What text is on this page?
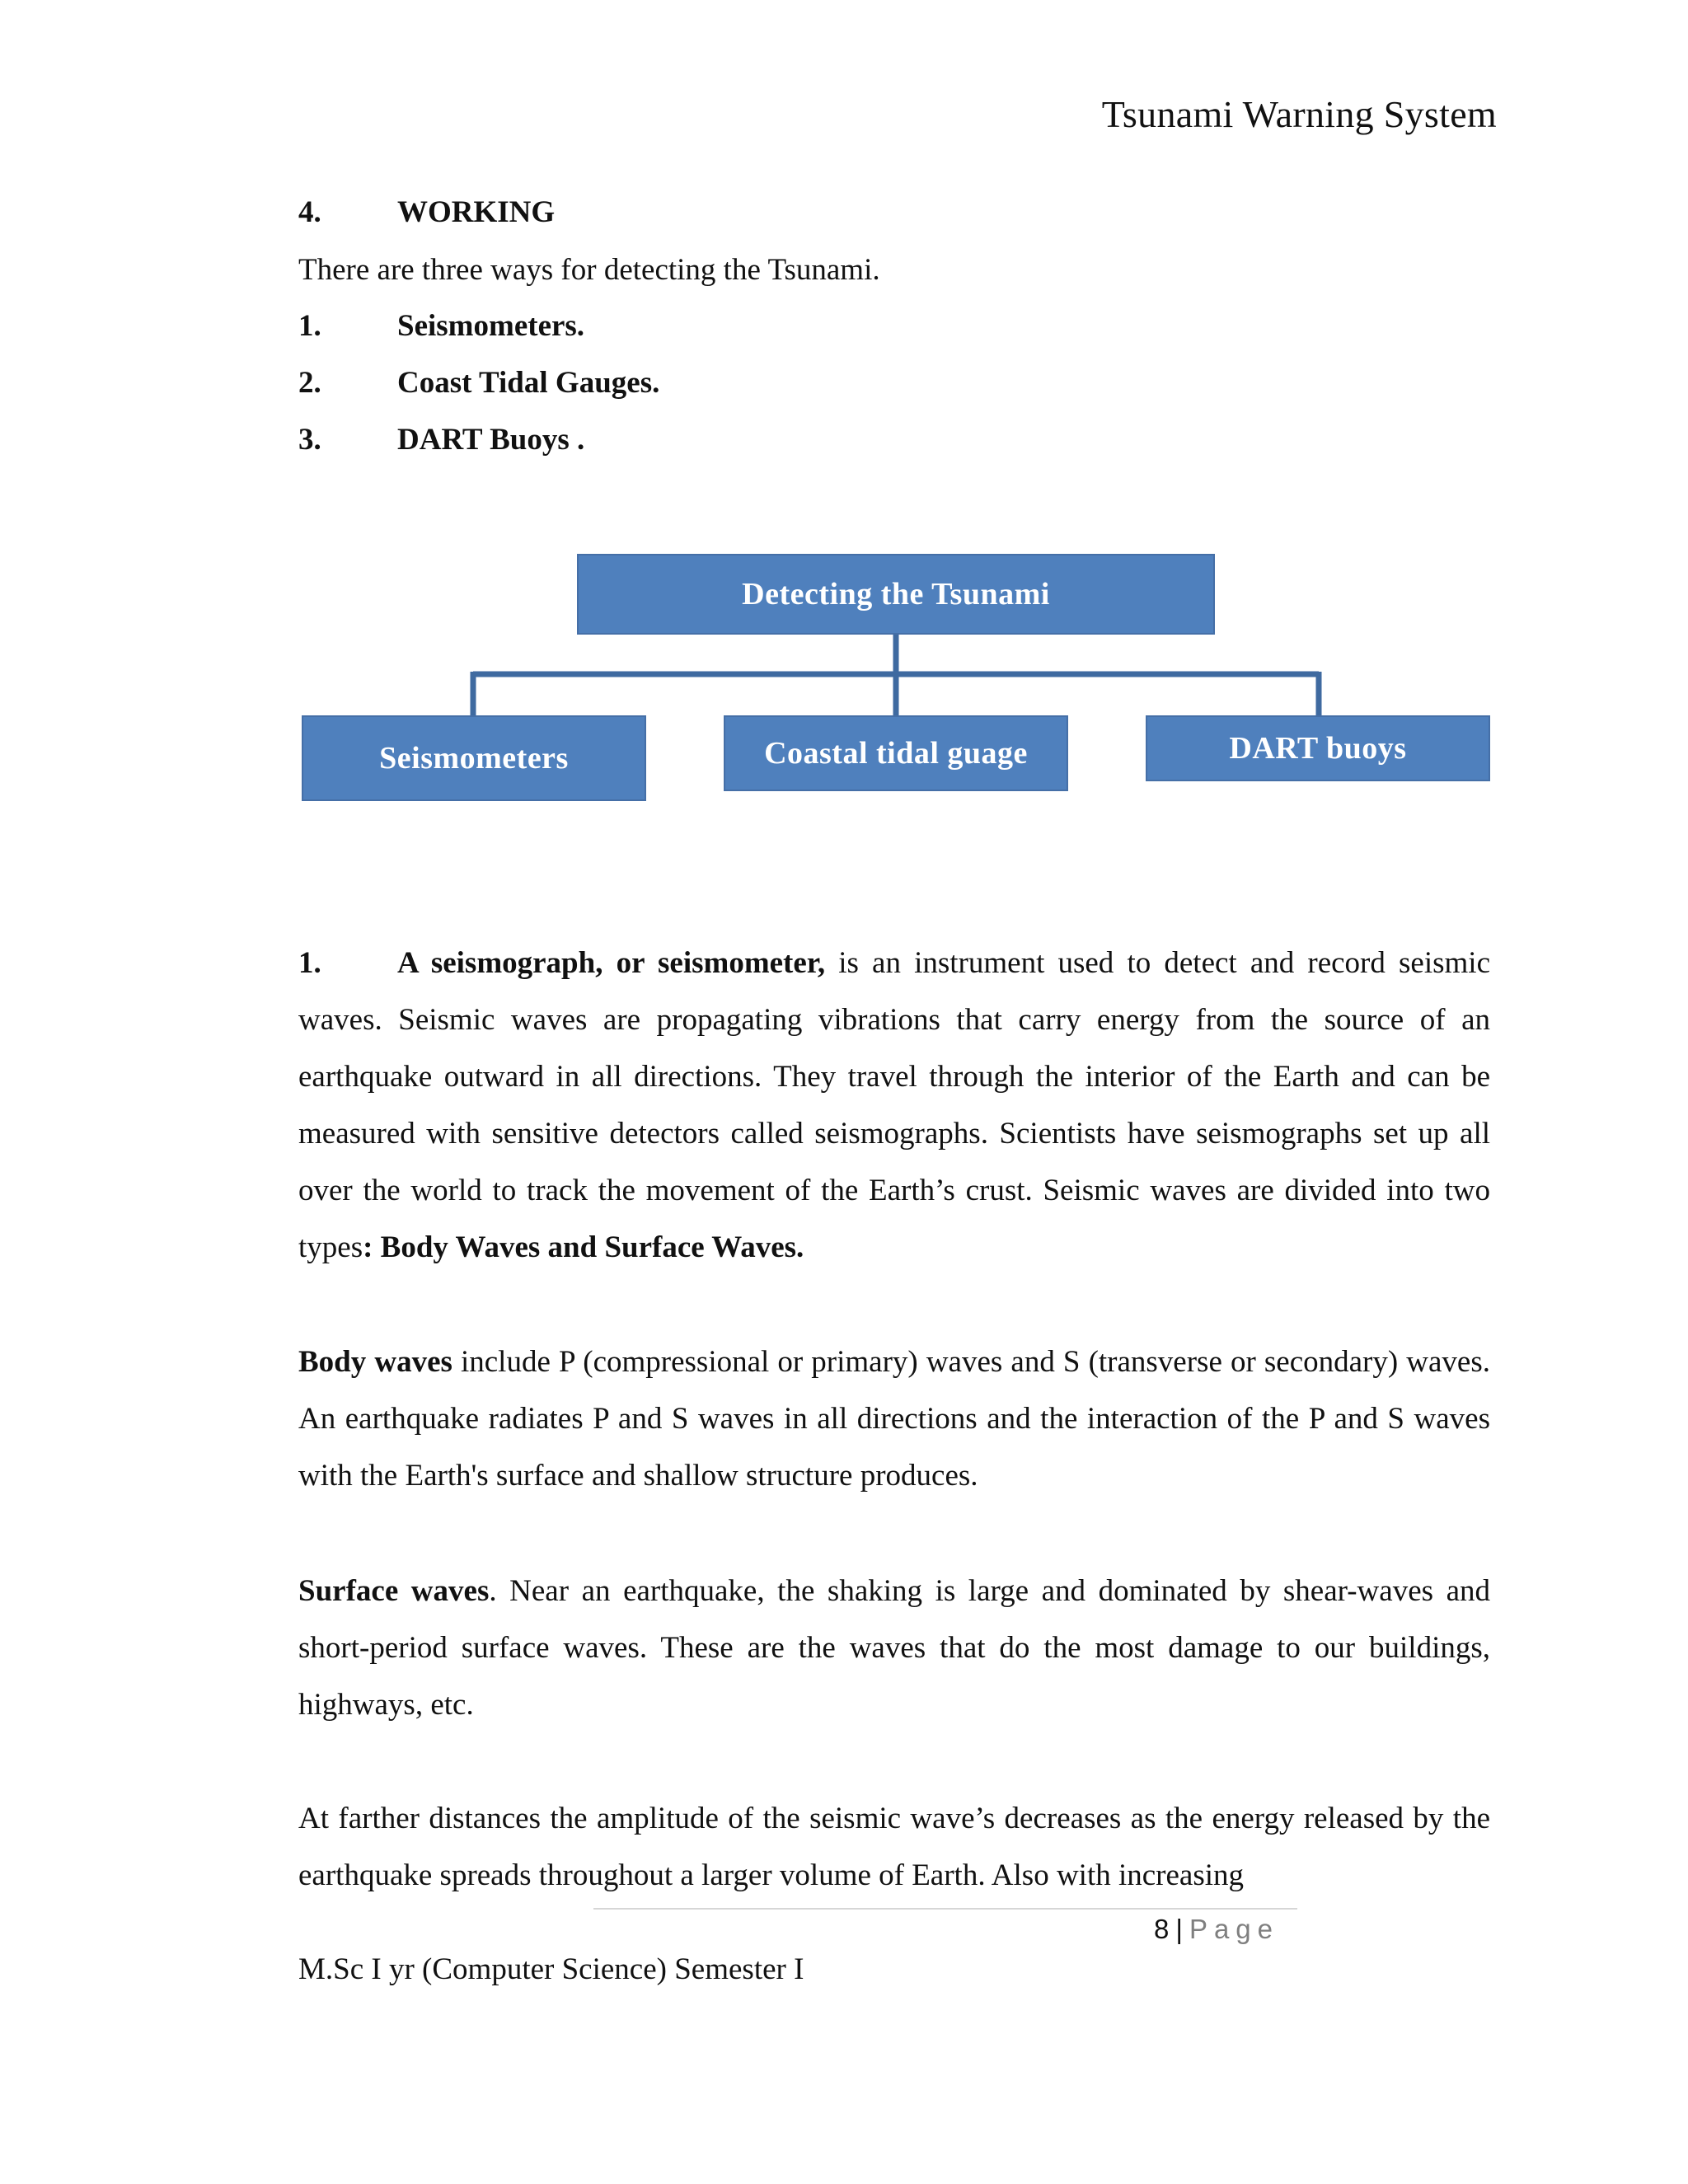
Tsunami Warning System
4. WORKING
There are three ways for detecting the Tsunami.
1. Seismometers.
2. Coast Tidal Gauges.
3. DART Buoys .
Detecting the Tsunami
Seismometers	Coastal tidal guage	DART buoys

1. A seismograph, or seismometer, is an instrument used to detect and record seismic waves. Seismic waves are propagating vibrations that carry energy from the source of an earthquake outward in all directions. They travel through the interior of the Earth and can be measured with sensitive detectors called seismographs. Scientists have seismographs set up all over the world to track the movement of the Earth’s crust. Seismic waves are divided into two types: Body Waves and Surface Waves.

Body waves include P (compressional or primary) waves and S (transverse or secondary) waves. An earthquake radiates P and S waves in all directions and the interaction of the P and S waves with the Earth's surface and shallow structure produces.

Surface waves. Near an earthquake, the shaking is large and dominated by shear-waves and short-period surface waves. These are the waves that do the most damage to our buildings, highways, etc.

At farther distances the amplitude of the seismic wave’s decreases as the energy released by the earthquake spreads throughout a larger volume of Earth. Also with increasing

8 | Page
M.Sc I yr (Computer Science) Semester I
